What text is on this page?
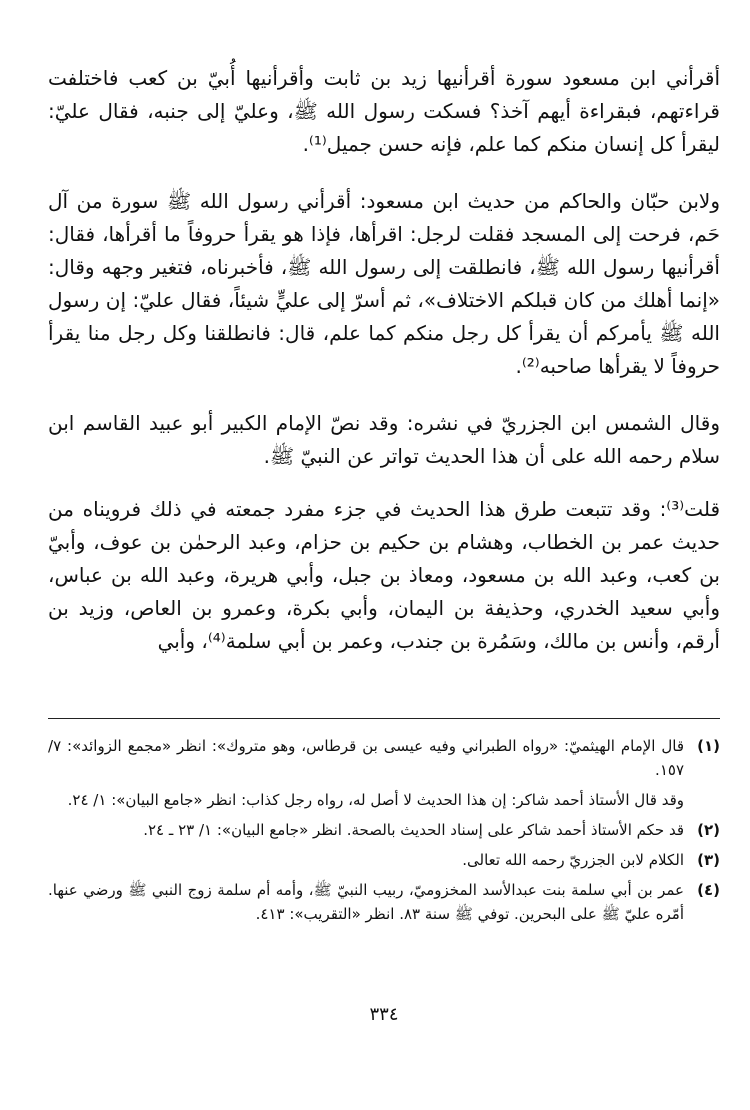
أقرأني ابن مسعود سورة أقرأنيها زيد بن ثابت وأقرأنيها أُبيّ بن كعب فاختلفت قراءتهم، فبقراءة أيهم آخذ؟ فسكت رسول الله ﷺ، وعليّ إلى جنبه، فقال عليّ: ليقرأ كل إنسان منكم كما علم، فإنه حسن جميل⁽¹⁾.

ولابن حبّان والحاكم من حديث ابن مسعود: أقرأني رسول الله ﷺ سورة من آل حَم، فرحت إلى المسجد فقلت لرجل: اقرأها، فإذا هو يقرأ حروفاً ما أقرأها، فقال: أقرأنيها رسول الله ﷺ، فانطلقت إلى رسول الله ﷺ، فأخبرناه، فتغير وجهه وقال: «إنما أهلك من كان قبلكم الاختلاف»، ثم أسرّ إلى عليٍّ شيئاً، فقال عليّ: إن رسول الله ﷺ يأمركم أن يقرأ كل رجل منكم كما علم، قال: فانطلقنا وكل رجل منا يقرأ حروفاً لا يقرأها صاحبه⁽²⁾.

وقال الشمس ابن الجزريّ في نشره: وقد نصّ الإمام الكبير أبو عبيد القاسم ابن سلام رحمه الله على أن هذا الحديث تواتر عن النبيّ ﷺ.

قلت⁽³⁾: وقد تتبعت طرق هذا الحديث في جزء مفرد جمعته في ذلك فرويناه من حديث عمر بن الخطاب، وهشام بن حكيم بن حزام، وعبد الرحمٰن بن عوف، وأبيّ بن كعب، وعبد الله بن مسعود، ومعاذ بن جبل، وأبي هريرة، وعبد الله بن عباس، وأبي سعيد الخدري، وحذيفة بن اليمان، وأبي بكرة، وعمرو بن العاص، وزيد بن أرقم، وأنس بن مالك، وسَمُرة بن جندب، وعمر بن أبي سلمة⁽⁴⁾، وأبي

(١)
قال الإمام الهيثميّ: «رواه الطبراني وفيه عيسى بن قرطاس، وهو متروك»: انظر «مجمع الزوائد»: ٧/ ١٥٧.
وقد قال الأستاذ أحمد شاكر: إن هذا الحديث لا أصل له، رواه رجل كذاب: انظر «جامع البيان»: ١/ ٢٤.
(٢)
قد حكم الأستاذ أحمد شاكر على إسناد الحديث بالصحة. انظر «جامع البيان»: ١/ ٢٣ ـ ٢٤.
(٣)
الكلام لابن الجزريّ رحمه الله تعالى.
(٤)
عمر بن أبي سلمة بنت عبدالأسد المخزوميّ، ربيب النبيّ ﷺ، وأمه أم سلمة زوج النبي ﷺ ورضي عنها. أمّره عليّ ﷺ على البحرين. توفي ﷺ سنة ٨٣. انظر «التقريب»: ٤١٣.
٣٣٤
